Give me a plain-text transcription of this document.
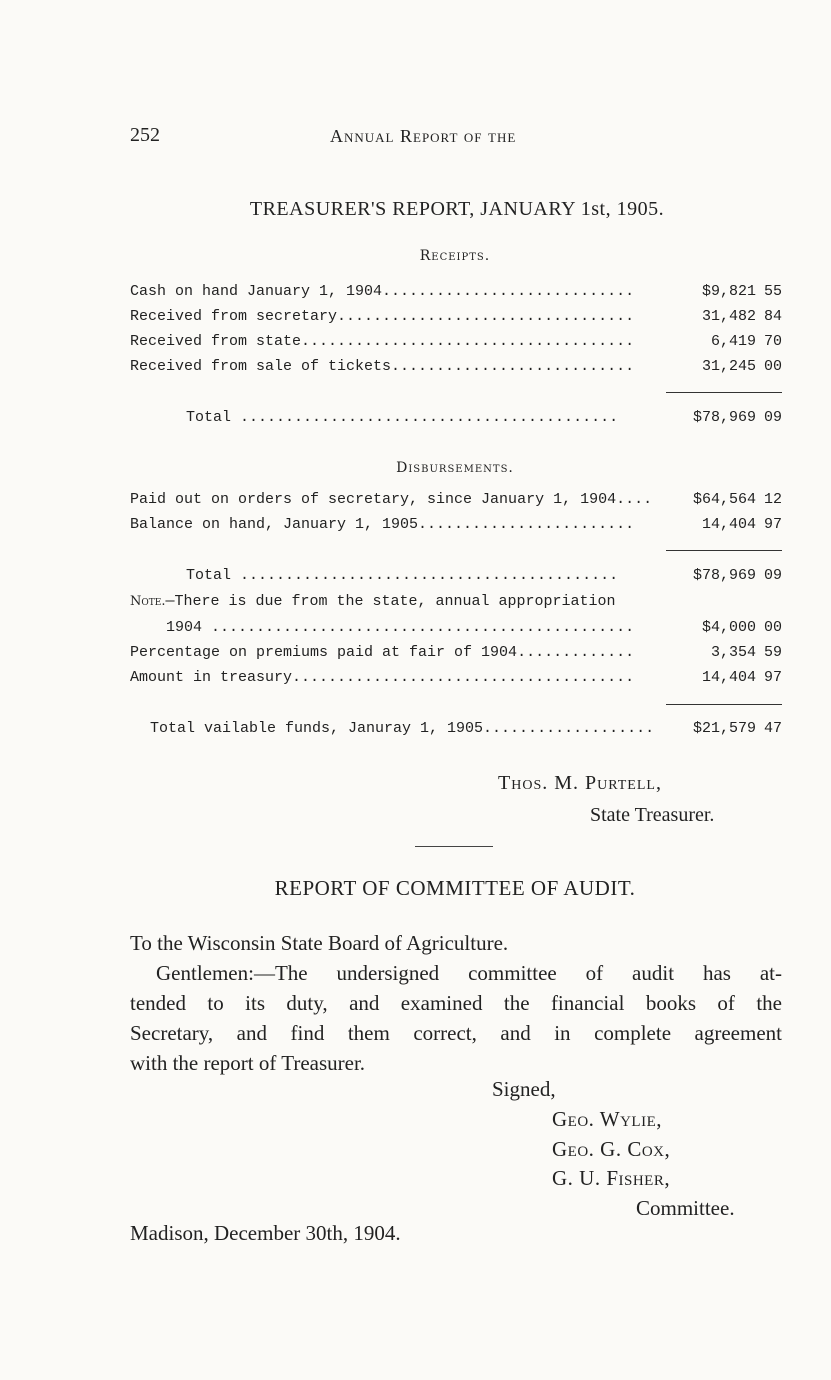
252	Annual Report of the
TREASURER'S REPORT, JANUARY 1st, 1905.
Receipts.
Cash on hand January 1, 1904............................	$9,821 55
Received from secretary.................................	31,482 84
Received from state.....................................	6,419 70
Received from sale of tickets...........................	31,245 00
Total ..........................................	$78,969 09
Disbursements.
Paid out on orders of secretary, since January 1, 1904....	$64,564 12
Balance on hand, January 1, 1905........................	14,404 97
Total ..........................................	$78,969 09
Note.—There is due from the state, annual appropriation
1904 ...............................................	$4,000 00
Percentage on premiums paid at fair of 1904.............	3,354 59
Amount in treasury......................................	14,404 97
Total vailable funds, Januray 1, 1905...................	$21,579 47
Thos. M. Purtell,
State Treasurer.
REPORT OF COMMITTEE OF AUDIT.
To the Wisconsin State Board of Agriculture.
Gentlemen:—The undersigned committee of audit has at-
tended to its duty, and examined the financial books of the
Secretary, and find them correct, and in complete agreement
with the report of Treasurer.
Signed,
Geo. Wylie,
Geo. G. Cox,
G. U. Fisher,
Committee.
Madison, December 30th, 1904.
